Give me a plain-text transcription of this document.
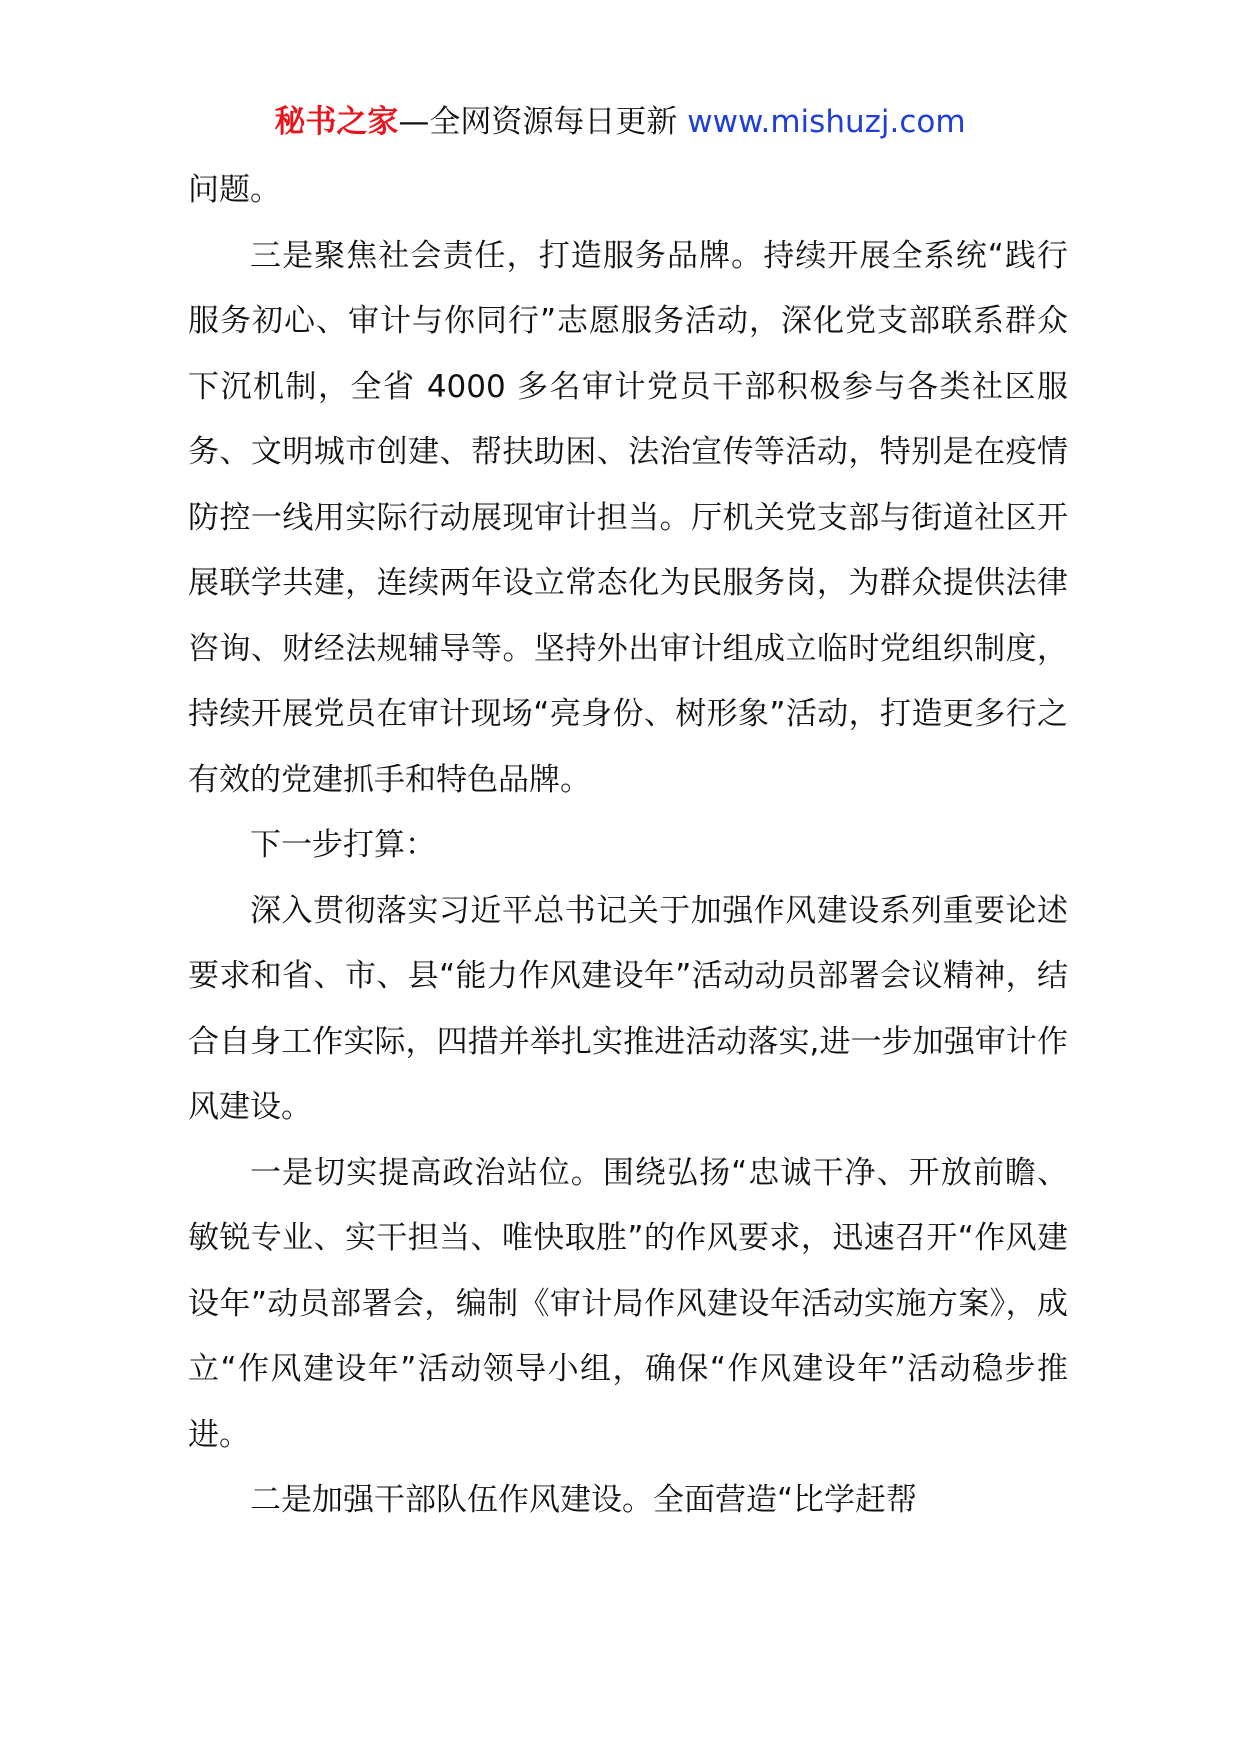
秘书之家—全网资源每日更新 www.mishuzj.com

问题。

三是聚焦社会责任，打造服务品牌。持续开展全系统“践行服务初心、审计与你同行”志愿服务活动，深化党支部联系群众下沉机制，全省 4000 多名审计党员干部积极参与各类社区服务、文明城市创建、帮扶助困、法治宣传等活动，特别是在疫情防控一线用实际行动展现审计担当。厅机关党支部与街道社区开展联学共建，连续两年设立常态化为民服务岗，为群众提供法律咨询、财经法规辅导等。坚持外出审计组成立临时党组织制度，持续开展党员在审计现场“亮身份、树形象”活动，打造更多行之有效的党建抓手和特色品牌。

下一步打算：

深入贯彻落实习近平总书记关于加强作风建设系列重要论述要求和省、市、县“能力作风建设年”活动动员部署会议精神，结合自身工作实际，四措并举扎实推进活动落实,进一步加强审计作风建设。

一是切实提高政治站位。围绕弘扬“忠诚干净、开放前瞻、敏锐专业、实干担当、唯快取胜”的作风要求，迅速召开“作风建设年”动员部署会，编制《审计局作风建设年活动实施方案》，成立“作风建设年”活动领导小组，确保“作风建设年”活动稳步推进。

二是加强干部队伍作风建设。全面营造“比学赶帮
